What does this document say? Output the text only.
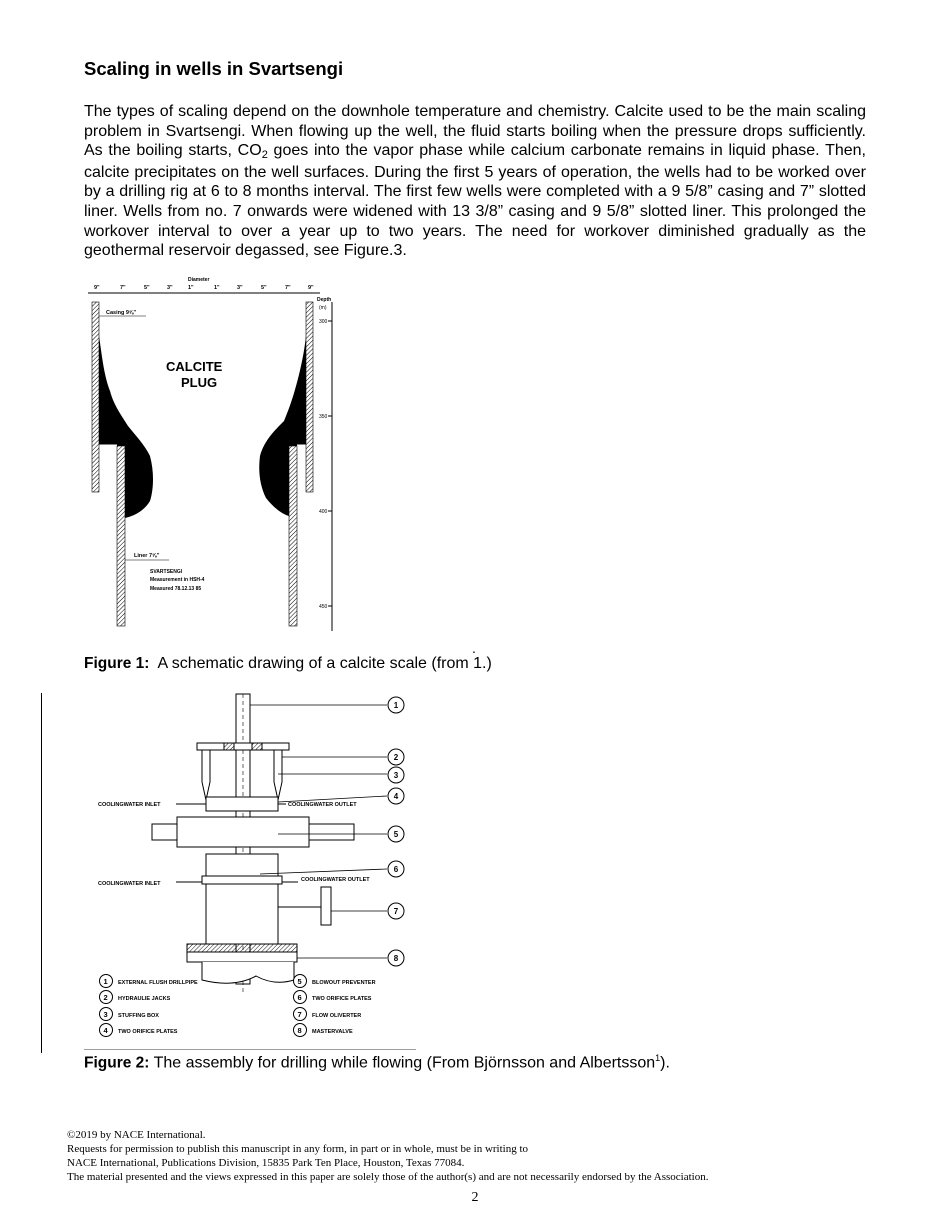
Scaling in wells in Svartsengi

The types of scaling depend on the downhole temperature and chemistry. Calcite used to be the main scaling problem in Svartsengi. When flowing up the well, the fluid starts boiling when the pressure drops sufficiently. As the boiling starts, $CO_2$ goes into the vapor phase while calcium carbonate remains in liquid phase. Then, calcite precipitates on the well surfaces. During the first 5 years of operation, the wells had to be worked over by a drilling rig at 6 to 8 months interval. The first few wells were completed with a 9 5/8” casing and 7” slotted liner. Wells from no. 7 onwards were widened with 13 3/8” casing and 9 5/8” slotted liner. This prolonged the workover interval to over a year up to two years. The need for workover diminished gradually as the geothermal reservoir degassed, see Figure.3.

Diameter
9"	7"	5"	3"	1"	1"	3"	5"	7"	9"
Depth
(m)
300
350
400
450
Casing 9⅝"
CALCITE
PLUG
Liner 7⅝"
SVARTSENGI
Measurement in HSH-4
Measured 78.12.13 85
.
Figure 1:  A schematic drawing of a calcite scale (from 1.)
COOLINGWATER INLET	COOLINGWATER OUTLET
COOLINGWATER INLET
COOLINGWATER OUTLET
1
2
3
4
5
6
7
8
1 EXTERNAL FLUSH DRILLPIPE
2 HYDRAULIE JACKS
3 STUFFING BOX
4 TWO ORIFICE PLATES
5 BLOWOUT PREVENTER
6 TWO ORIFICE PLATES
7 FLOW OLIVERTER
8 MASTERVALVE
Figure 2: The assembly for drilling while flowing (From Björnsson and Albertsson$^1$).
©2019 by NACE International.
Requests for permission to publish this manuscript in any form, in part or in whole, must be in writing to
NACE International, Publications Division, 15835 Park Ten Place, Houston, Texas 77084.
The material presented and the views expressed in this paper are solely those of the author(s) and are not necessarily endorsed by the Association.
2
